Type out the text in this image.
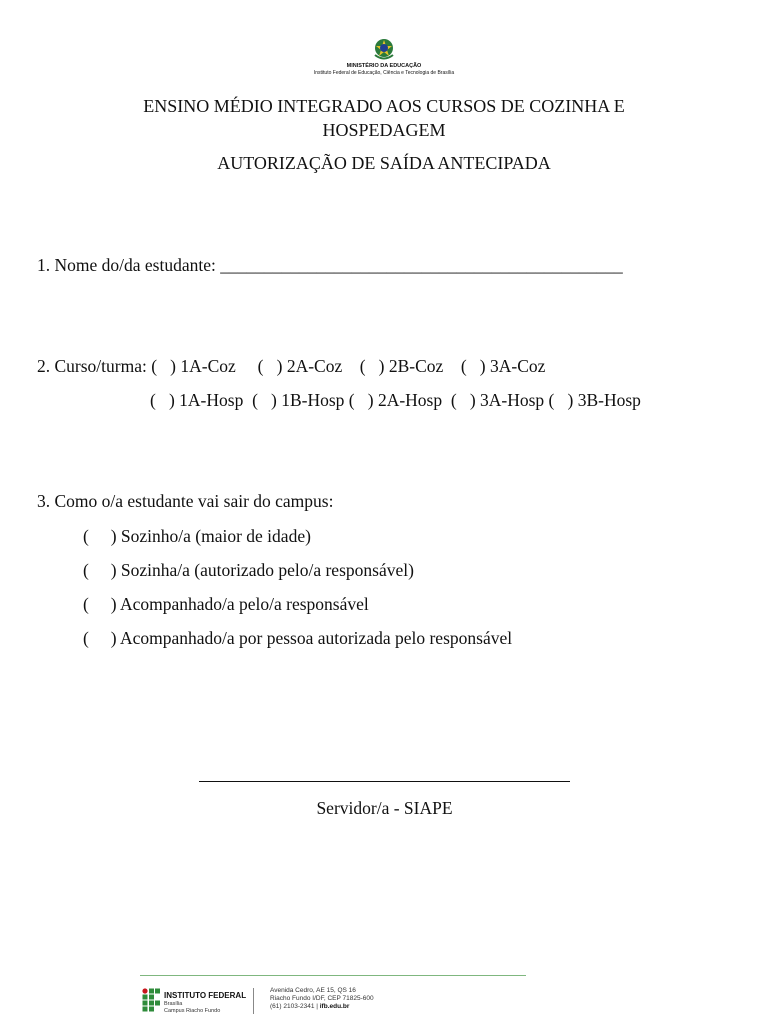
MINISTÉRIO DA EDUCAÇÃO
Instituto Federal de Educação, Ciência e Tecnologia de Brasília
ENSINO MÉDIO INTEGRADO AOS CURSOS DE COZINHA E
HOSPEDAGEM
AUTORIZAÇÃO DE SAÍDA ANTECIPADA
1. Nome do/da estudante: ______________________________________________
2. Curso/turma: (   ) 1A-Coz     (   ) 2A-Coz    (   ) 2B-Coz    (   ) 3A-Coz
(   ) 1A-Hosp  (   ) 1B-Hosp (   ) 2A-Hosp  (   ) 3A-Hosp (   ) 3B-Hosp
3. Como o/a estudante vai sair do campus:
(     ) Sozinho/a (maior de idade)
(     ) Sozinha/a (autorizado pelo/a responsável)
(     ) Acompanhado/a pelo/a responsável
(     ) Acompanhado/a por pessoa autorizada pelo responsável
Servidor/a - SIAPE
INSTITUTO FEDERAL
Brasília
Campus Riacho Fundo
Avenida Cedro, AE 15, QS 16
Riacho Fundo I/DF, CEP 71825-600
(61) 2103-2341 | ifb.edu.br
